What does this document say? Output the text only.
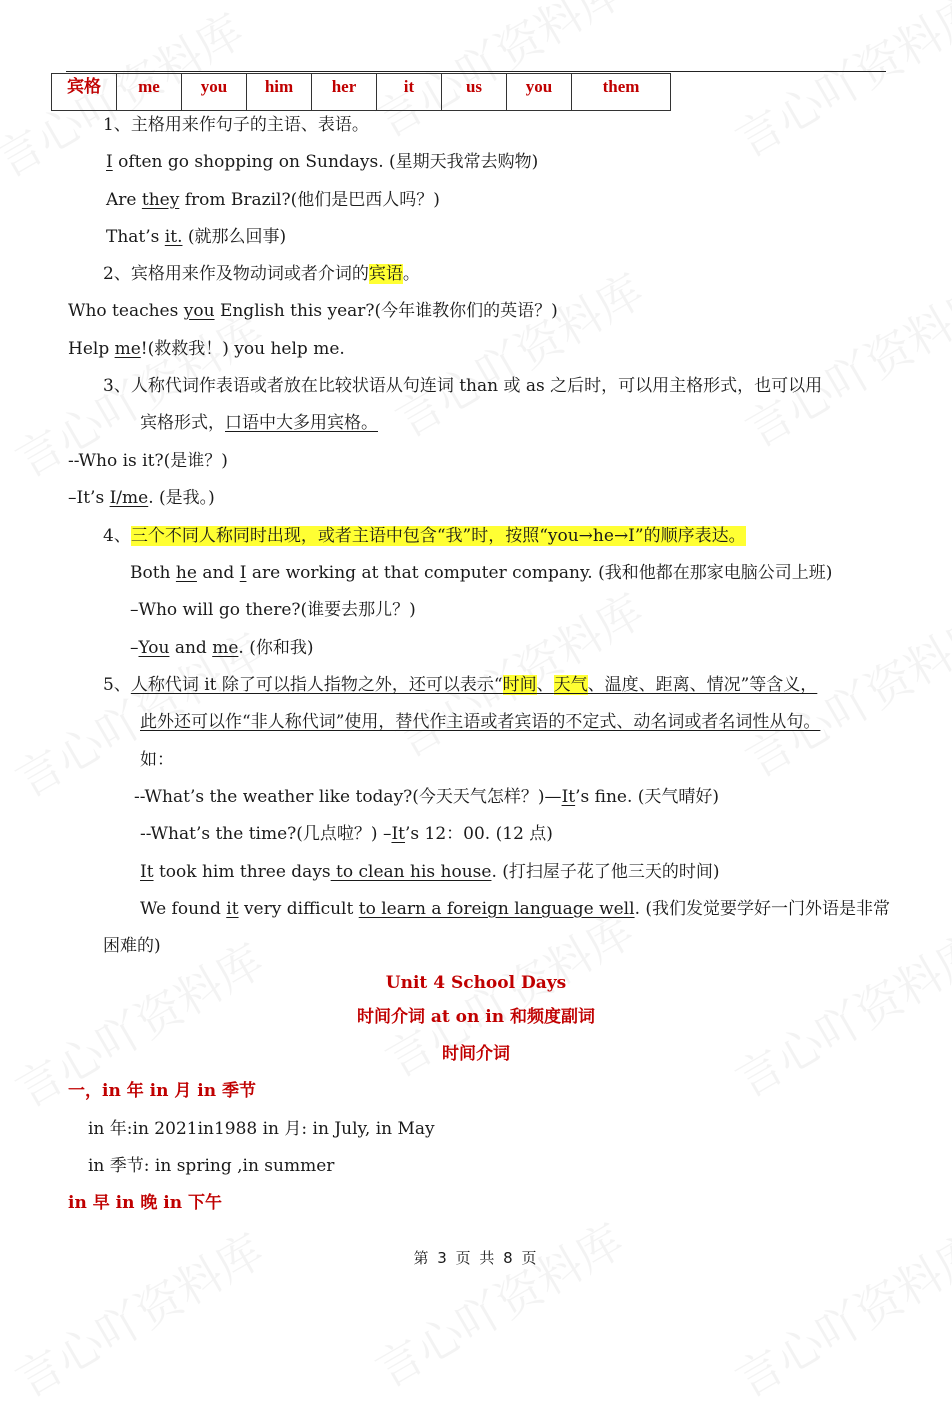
宾格	me	you	him	her	it	us	you	them
1、主格用来作句子的主语、表语。
I often go shopping on Sundays. (星期天我常去购物)
Are they from Brazil?(他们是巴西人吗？)
That’s it. (就那么回事)
2、宾格用来作及物动词或者介词的宾语。
Who teaches you English this year?(今年谁教你们的英语？)
Help me!(救救我！) you help me.
3、人称代词作表语或者放在比较状语从句连词 than 或 as 之后时，可以用主格形式，也可以用
宾格形式，口语中大多用宾格。
--Who is it?(是谁？)
–It’s I/me. (是我。)
4、三个不同人称同时出现，或者主语中包含“我”时，按照“you→he→I”的顺序表达。
Both he and I are working at that computer company. (我和他都在那家电脑公司上班)
–Who will go there?(谁要去那儿？)
–You and me. (你和我)
5、人称代词 it 除了可以指人指物之外，还可以表示“时间、天气、温度、距离、情况”等含义，
此外还可以作“非人称代词”使用，替代作主语或者宾语的不定式、动名词或者名词性从句。
如：
--What’s the weather like today?(今天天气怎样？)—It’s fine. (天气晴好)
--What’s the time?(几点啦？) –It’s 12：00. (12 点)
It took him three days to clean his house. (打扫屋子花了他三天的时间)
We found it very difficult to learn a foreign language well. (我们发觉要学好一门外语是非常
困难的)
Unit 4 School Days
时间介词 at on in 和频度副词
时间介词
一，in 年 in 月 in 季节
in 年:in 2021in1988 in 月: in July, in May
in 季节: in spring ,in summer
in 早 in 晚 in 下午
第 3 页 共 8 页
